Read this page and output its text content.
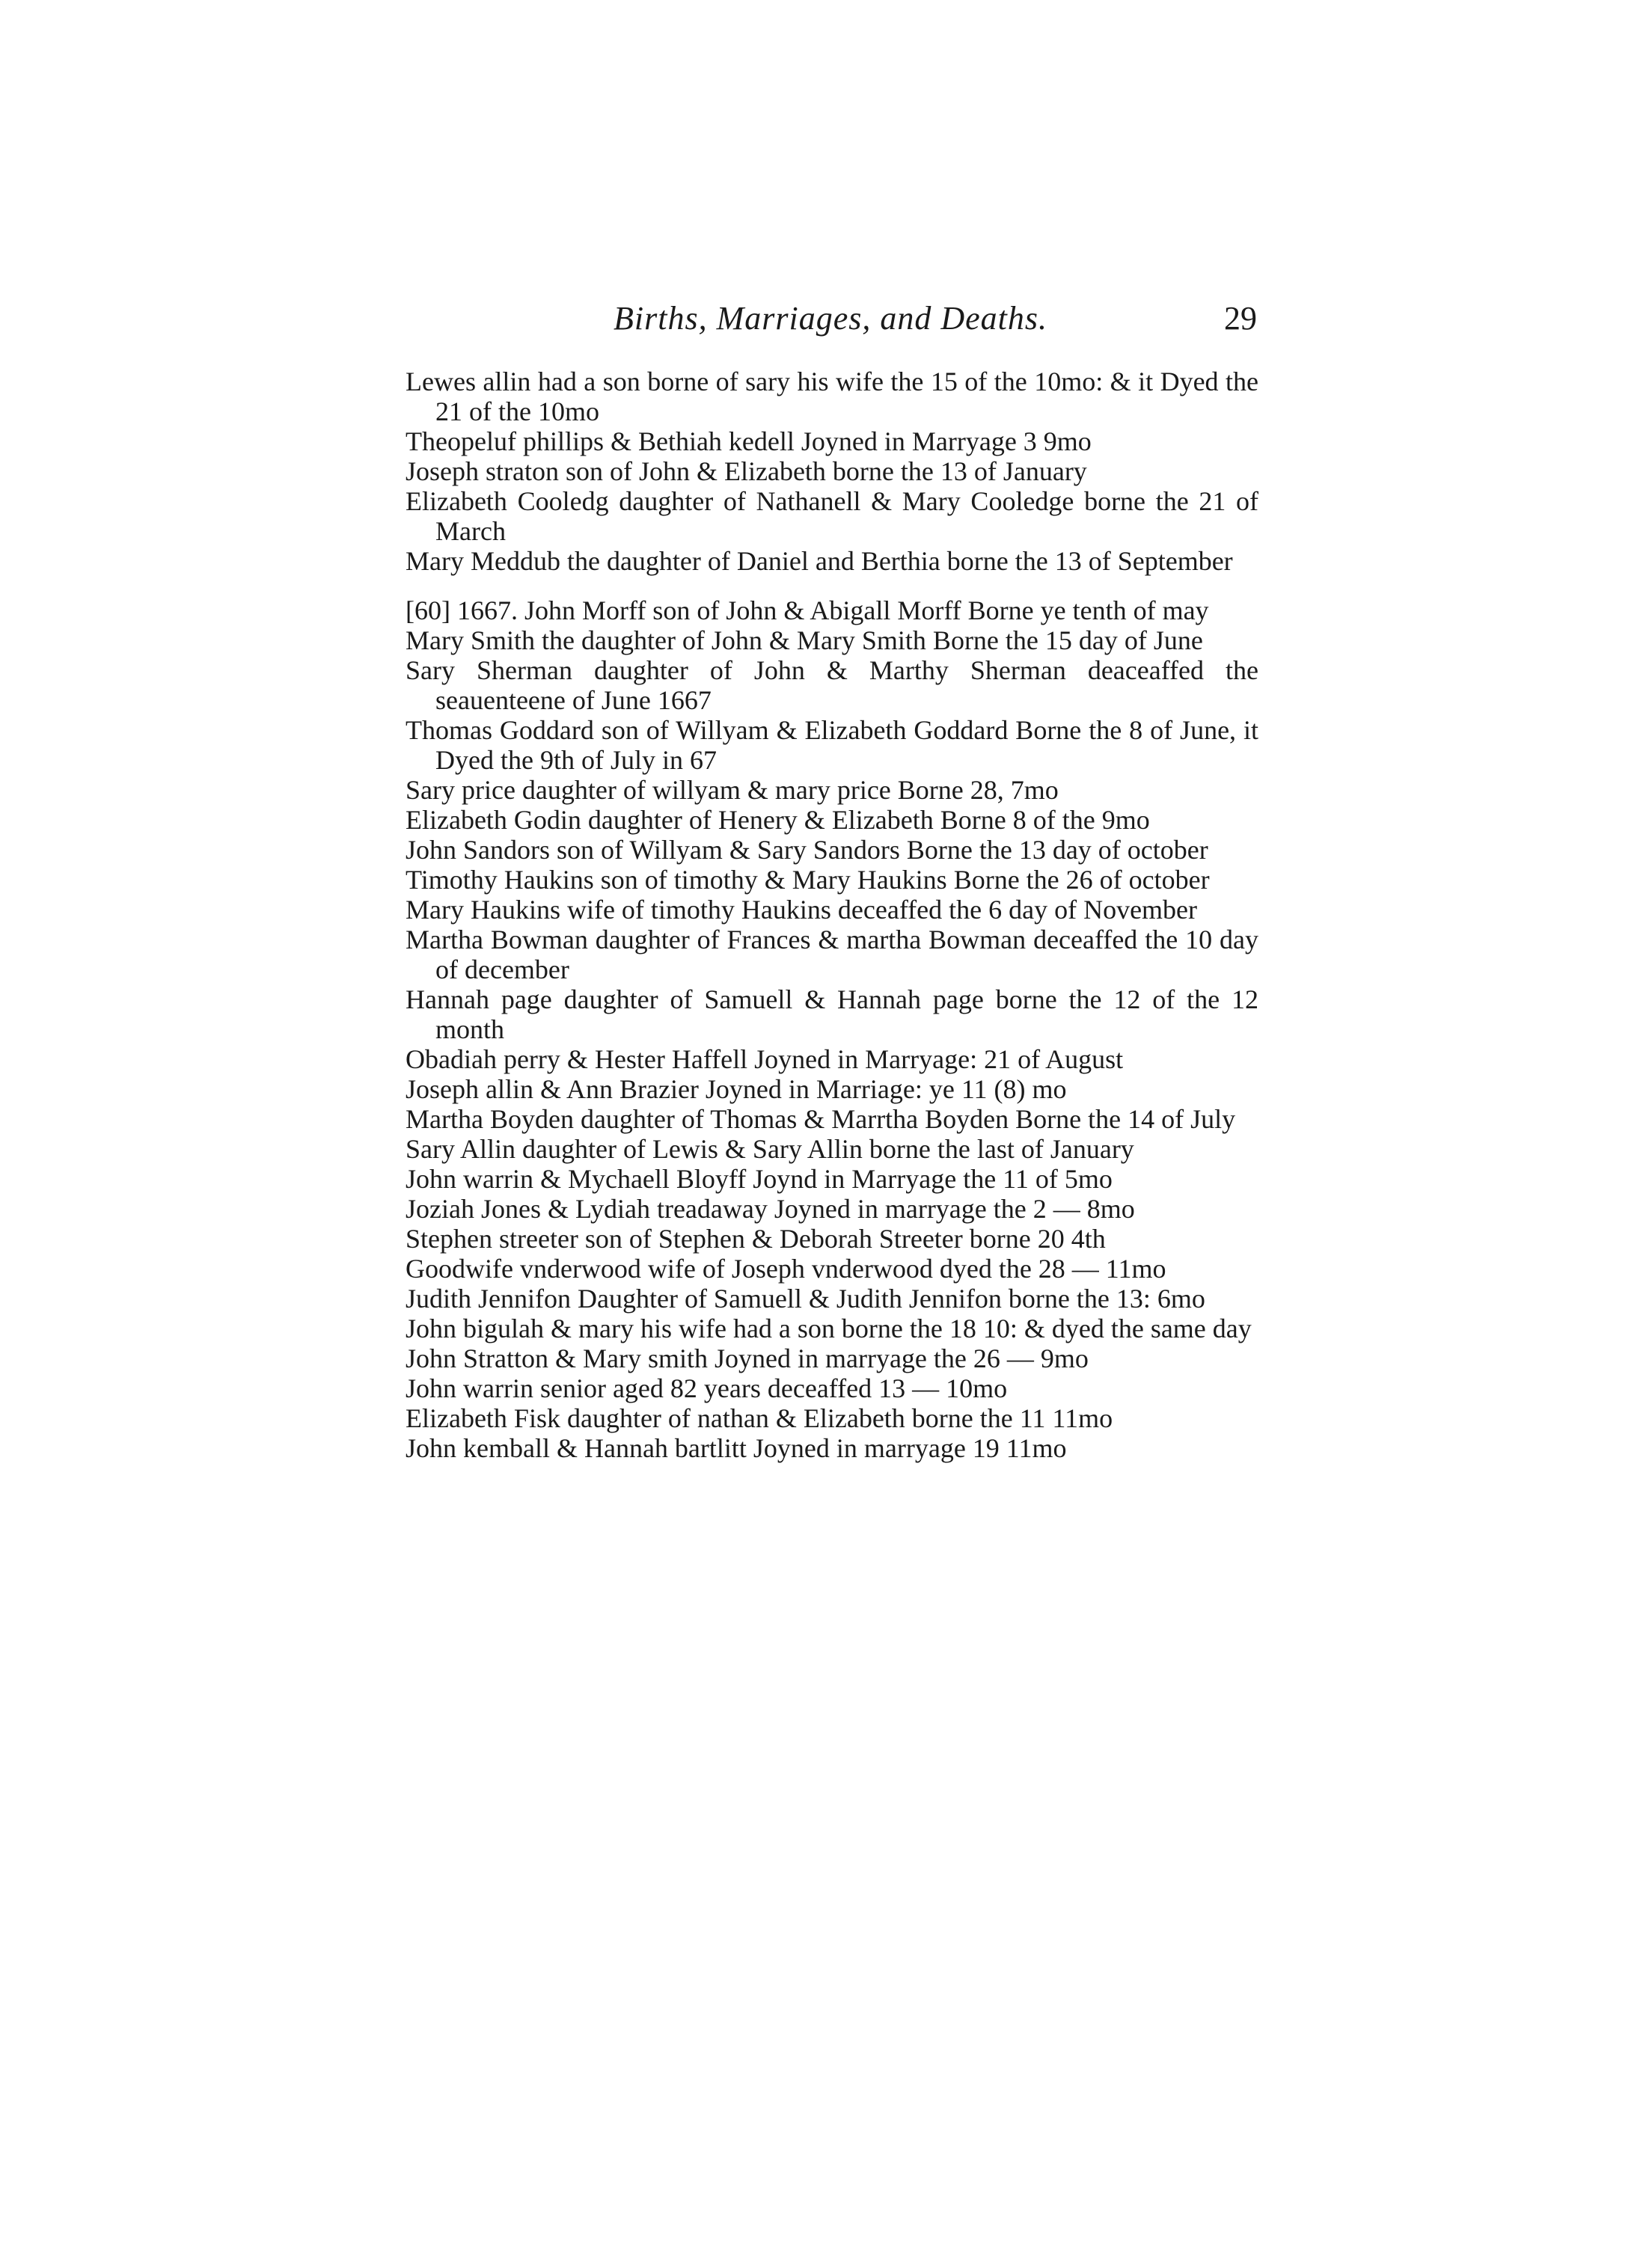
Births, Marriages, and Deaths.	29

Lewes allin had a son borne of sary his wife the 15 of the 10mo: & it Dyed the 21 of the 10mo

Theopeluf phillips & Bethiah kedell Joyned in Marryage 3 9mo

Joseph straton son of John & Elizabeth borne the 13 of January

Elizabeth Cooledg daughter of Nathanell & Mary Cooledge borne the 21 of March

Mary Meddub the daughter of Daniel and Berthia borne the 13 of September

[60] 1667. John Morff son of John & Abigall Morff Borne ye tenth of may

Mary Smith the daughter of John & Mary Smith Borne the 15 day of June

Sary Sherman daughter of John & Marthy Sherman deaceaffed the seauenteene of June 1667

Thomas Goddard son of Willyam & Elizabeth Goddard Borne the 8 of June, it Dyed the 9th of July in 67

Sary price daughter of willyam & mary price Borne 28, 7mo

Elizabeth Godin daughter of Henery & Elizabeth Borne 8 of the 9mo

John Sandors son of Willyam & Sary Sandors Borne the 13 day of october

Timothy Haukins son of timothy & Mary Haukins Borne the 26 of october

Mary Haukins wife of timothy Haukins deceaffed the 6 day of November

Martha Bowman daughter of Frances & martha Bowman deceaffed the 10 day of december

Hannah page daughter of Samuell & Hannah page borne the 12 of the 12 month

Obadiah perry & Hester Haffell Joyned in Marryage: 21 of August

Joseph allin & Ann Brazier Joyned in Marriage: ye 11 (8) mo

Martha Boyden daughter of Thomas & Marrtha Boyden Borne the 14 of July

Sary Allin daughter of Lewis & Sary Allin borne the last of January

John warrin & Mychaell Bloyff Joynd in Marryage the 11 of 5mo

Joziah Jones & Lydiah treadaway Joyned in marryage the 2 — 8mo

Stephen streeter son of Stephen & Deborah Streeter borne 20 4th

Goodwife vnderwood wife of Joseph vnderwood dyed the 28 — 11mo

Judith Jennifon Daughter of Samuell & Judith Jennifon borne the 13: 6mo

John bigulah & mary his wife had a son borne the 18 10: & dyed the same day

John Stratton & Mary smith Joyned in marryage the 26 — 9mo

John warrin senior aged 82 years deceaffed 13 — 10mo

Elizabeth Fisk daughter of nathan & Elizabeth borne the 11 11mo

John kemball & Hannah bartlitt Joyned in marryage 19 11mo
